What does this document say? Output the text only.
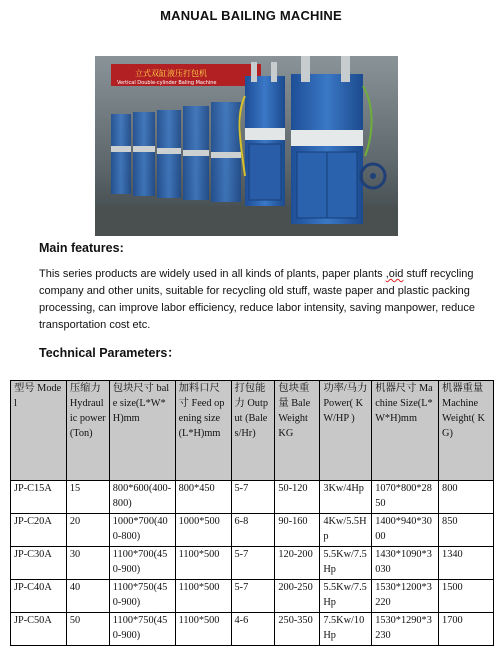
MANUAL BAILING MACHINE
立式双缸液压打包机
Vertical Double-cylinder Baling Machine
Main features:
This series products are widely used in all kinds of plants, paper plants ,oid stuff recycling company and other units, suitable for recycling old stuff, waste paper and plastic packing processing, can improve labor efficiency, reduce labor intensity, saving manpower, reduce transportation cost etc.
Technical Parameters：
型号 Model	压缩力 Hydraulic power (Ton)	包块尺寸 bale size(L*W*H)mm	加料口尺寸 Feed opening size(L*H)mm	打包能力 Output (Bales/Hr)	包块重量 Bale Weight KG	功率/马力 Power( KW/HP )	机器尺寸 Machine Size(L*W*H)mm	机器重量 Machine Weight( KG)
JP-C15A	15	800*600(400-800)	800*450	5-7	50-120	3Kw/4Hp	1070*800*2850	800
JP-C20A	20	1000*700(400-800)	1000*500	6-8	90-160	4Kw/5.5Hp	1400*940*3000	850
JP-C30A	30	1100*700(450-900)	1100*500	5-7	120-200	5.5Kw/7.5Hp	1430*1090*3030	1340
JP-C40A	40	1100*750(450-900)	1100*500	5-7	200-250	5.5Kw/7.5Hp	1530*1200*3220	1500
JP-C50A	50	1100*750(450-900)	1100*500	4-6	250-350	7.5Kw/10Hp	1530*1290*3230	1700
